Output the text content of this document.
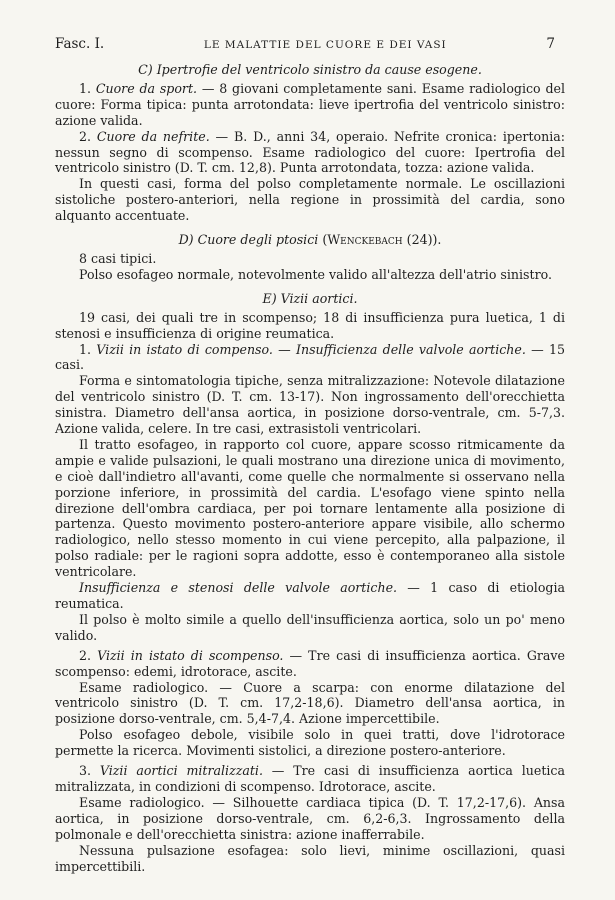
Fasc. I.	LE MALATTIE DEL CUORE E DEI VASI	7
C) Ipertrofie del ventricolo sinistro da cause esogene.

1. Cuore da sport. — 8 giovani completamente sani. Esame radiologico del cuore: Forma tipica: punta arrotondata: lieve ipertrofia del ventricolo sinistro: azione valida.

2. Cuore da nefrite. — B. D., anni 34, operaio. Nefrite cronica: ipertonia: nessun segno di scompenso. Esame radiologico del cuore: Ipertrofia del ventricolo sinistro (D. T. cm. 12,8). Punta arrotondata, tozza: azione valida.

In questi casi, forma del polso completamente normale. Le oscillazioni sistoliche postero-anteriori, nella regione in prossimità del cardia, sono alquanto accentuate.

D) Cuore degli ptosici (Wenckebach (24)).

8 casi tipici.

Polso esofageo normale, notevolmente valido all'altezza dell'atrio sinistro.

E) Vizii aortici.

19 casi, dei quali tre in scompenso; 18 di insufficienza pura luetica, 1 di stenosi e insufficienza di origine reumatica.

1. Vizii in istato di compenso. — Insufficienza delle valvole aortiche. — 15 casi.

Forma e sintomatologia tipiche, senza mitralizzazione: Notevole dilatazione del ventricolo sinistro (D. T. cm. 13-17). Non ingrossamento dell'orecchietta sinistra. Diametro dell'ansa aortica, in posizione dorso-ventrale, cm. 5-7,3. Azione valida, celere. In tre casi, extrasistoli ventricolari.

Il tratto esofageo, in rapporto col cuore, appare scosso ritmicamente da ampie e valide pulsazioni, le quali mostrano una direzione unica di movimento, e cioè dall'indietro all'avanti, come quelle che normalmente si osservano nella porzione inferiore, in prossimità del cardia. L'esofago viene spinto nella direzione dell'ombra cardiaca, per poi tornare lentamente alla posizione di partenza. Questo movimento postero-anteriore appare visibile, allo schermo radiologico, nello stesso momento in cui viene percepito, alla palpazione, il polso radiale: per le ragioni sopra addotte, esso è contemporaneo alla sistole ventricolare.

Insufficienza e stenosi delle valvole aortiche. — 1 caso di etiologia reumatica.

Il polso è molto simile a quello dell'insufficienza aortica, solo un po' meno valido.

2. Vizii in istato di scompenso. — Tre casi di insufficienza aortica. Grave scompenso: edemi, idrotorace, ascite.

Esame radiologico. — Cuore a scarpa: con enorme dilatazione del ventricolo sinistro (D. T. cm. 17,2-18,6). Diametro dell'ansa aortica, in posizione dorso-ventrale, cm. 5,4-7,4. Azione impercettibile.

Polso esofageo debole, visibile solo in quei tratti, dove l'idrotorace permette la ricerca. Movimenti sistolici, a direzione postero-anteriore.

3. Vizii aortici mitralizzati. — Tre casi di insufficienza aortica luetica mitralizzata, in condizioni di scompenso. Idrotorace, ascite.

Esame radiologico. — Silhouette cardiaca tipica (D. T. 17,2-17,6). Ansa aortica, in posizione dorso-ventrale, cm. 6,2-6,3. Ingrossamento della polmonale e dell'orecchietta sinistra: azione inafferrabile.

Nessuna pulsazione esofagea: solo lievi, minime oscillazioni, quasi impercettibili.
